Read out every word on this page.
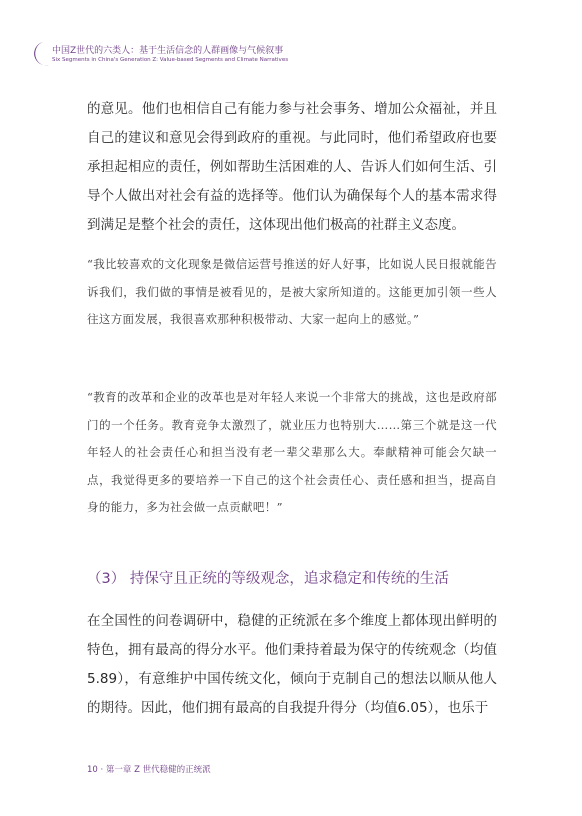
中国Z世代的六类人：基于生活信念的人群画像与气候叙事
Six Segments in China's Generation Z: Value-based Segments and Climate Narratives
的意见。他们也相信自己有能力参与社会事务、增加公众福祉，并且自己的建议和意见会得到政府的重视。与此同时，他们希望政府也要承担起相应的责任，例如帮助生活困难的人、告诉人们如何生活、引导个人做出对社会有益的选择等。他们认为确保每个人的基本需求得到满足是整个社会的责任，这体现出他们极高的社群主义态度。
“我比较喜欢的文化现象是微信运营号推送的好人好事，比如说人民日报就能告诉我们，我们做的事情是被看见的，是被大家所知道的。这能更加引领一些人往这方面发展，我很喜欢那种积极带动、大家一起向上的感觉。”
“教育的改革和企业的改革也是对年轻人来说一个非常大的挑战，这也是政府部门的一个任务。教育竞争太激烈了，就业压力也特别大……第三个就是这一代年轻人的社会责任心和担当没有老一辈父辈那么大。奉献精神可能会欠缺一点，我觉得更多的要培养一下自己的这个社会责任心、责任感和担当，提高自身的能力，多为社会做一点贡献吧！”
（3） 持保守且正统的等级观念，追求稳定和传统的生活
在全国性的问卷调研中，稳健的正统派在多个维度上都体现出鲜明的特色，拥有最高的得分水平。他们秉持着最为保守的传统观念（均值5.89），有意维护中国传统文化，倾向于克制自己的想法以顺从他人的期待。因此，他们拥有最高的自我提升得分（均值6.05），也乐于
10 · 第一章 Z 世代稳健的正统派
